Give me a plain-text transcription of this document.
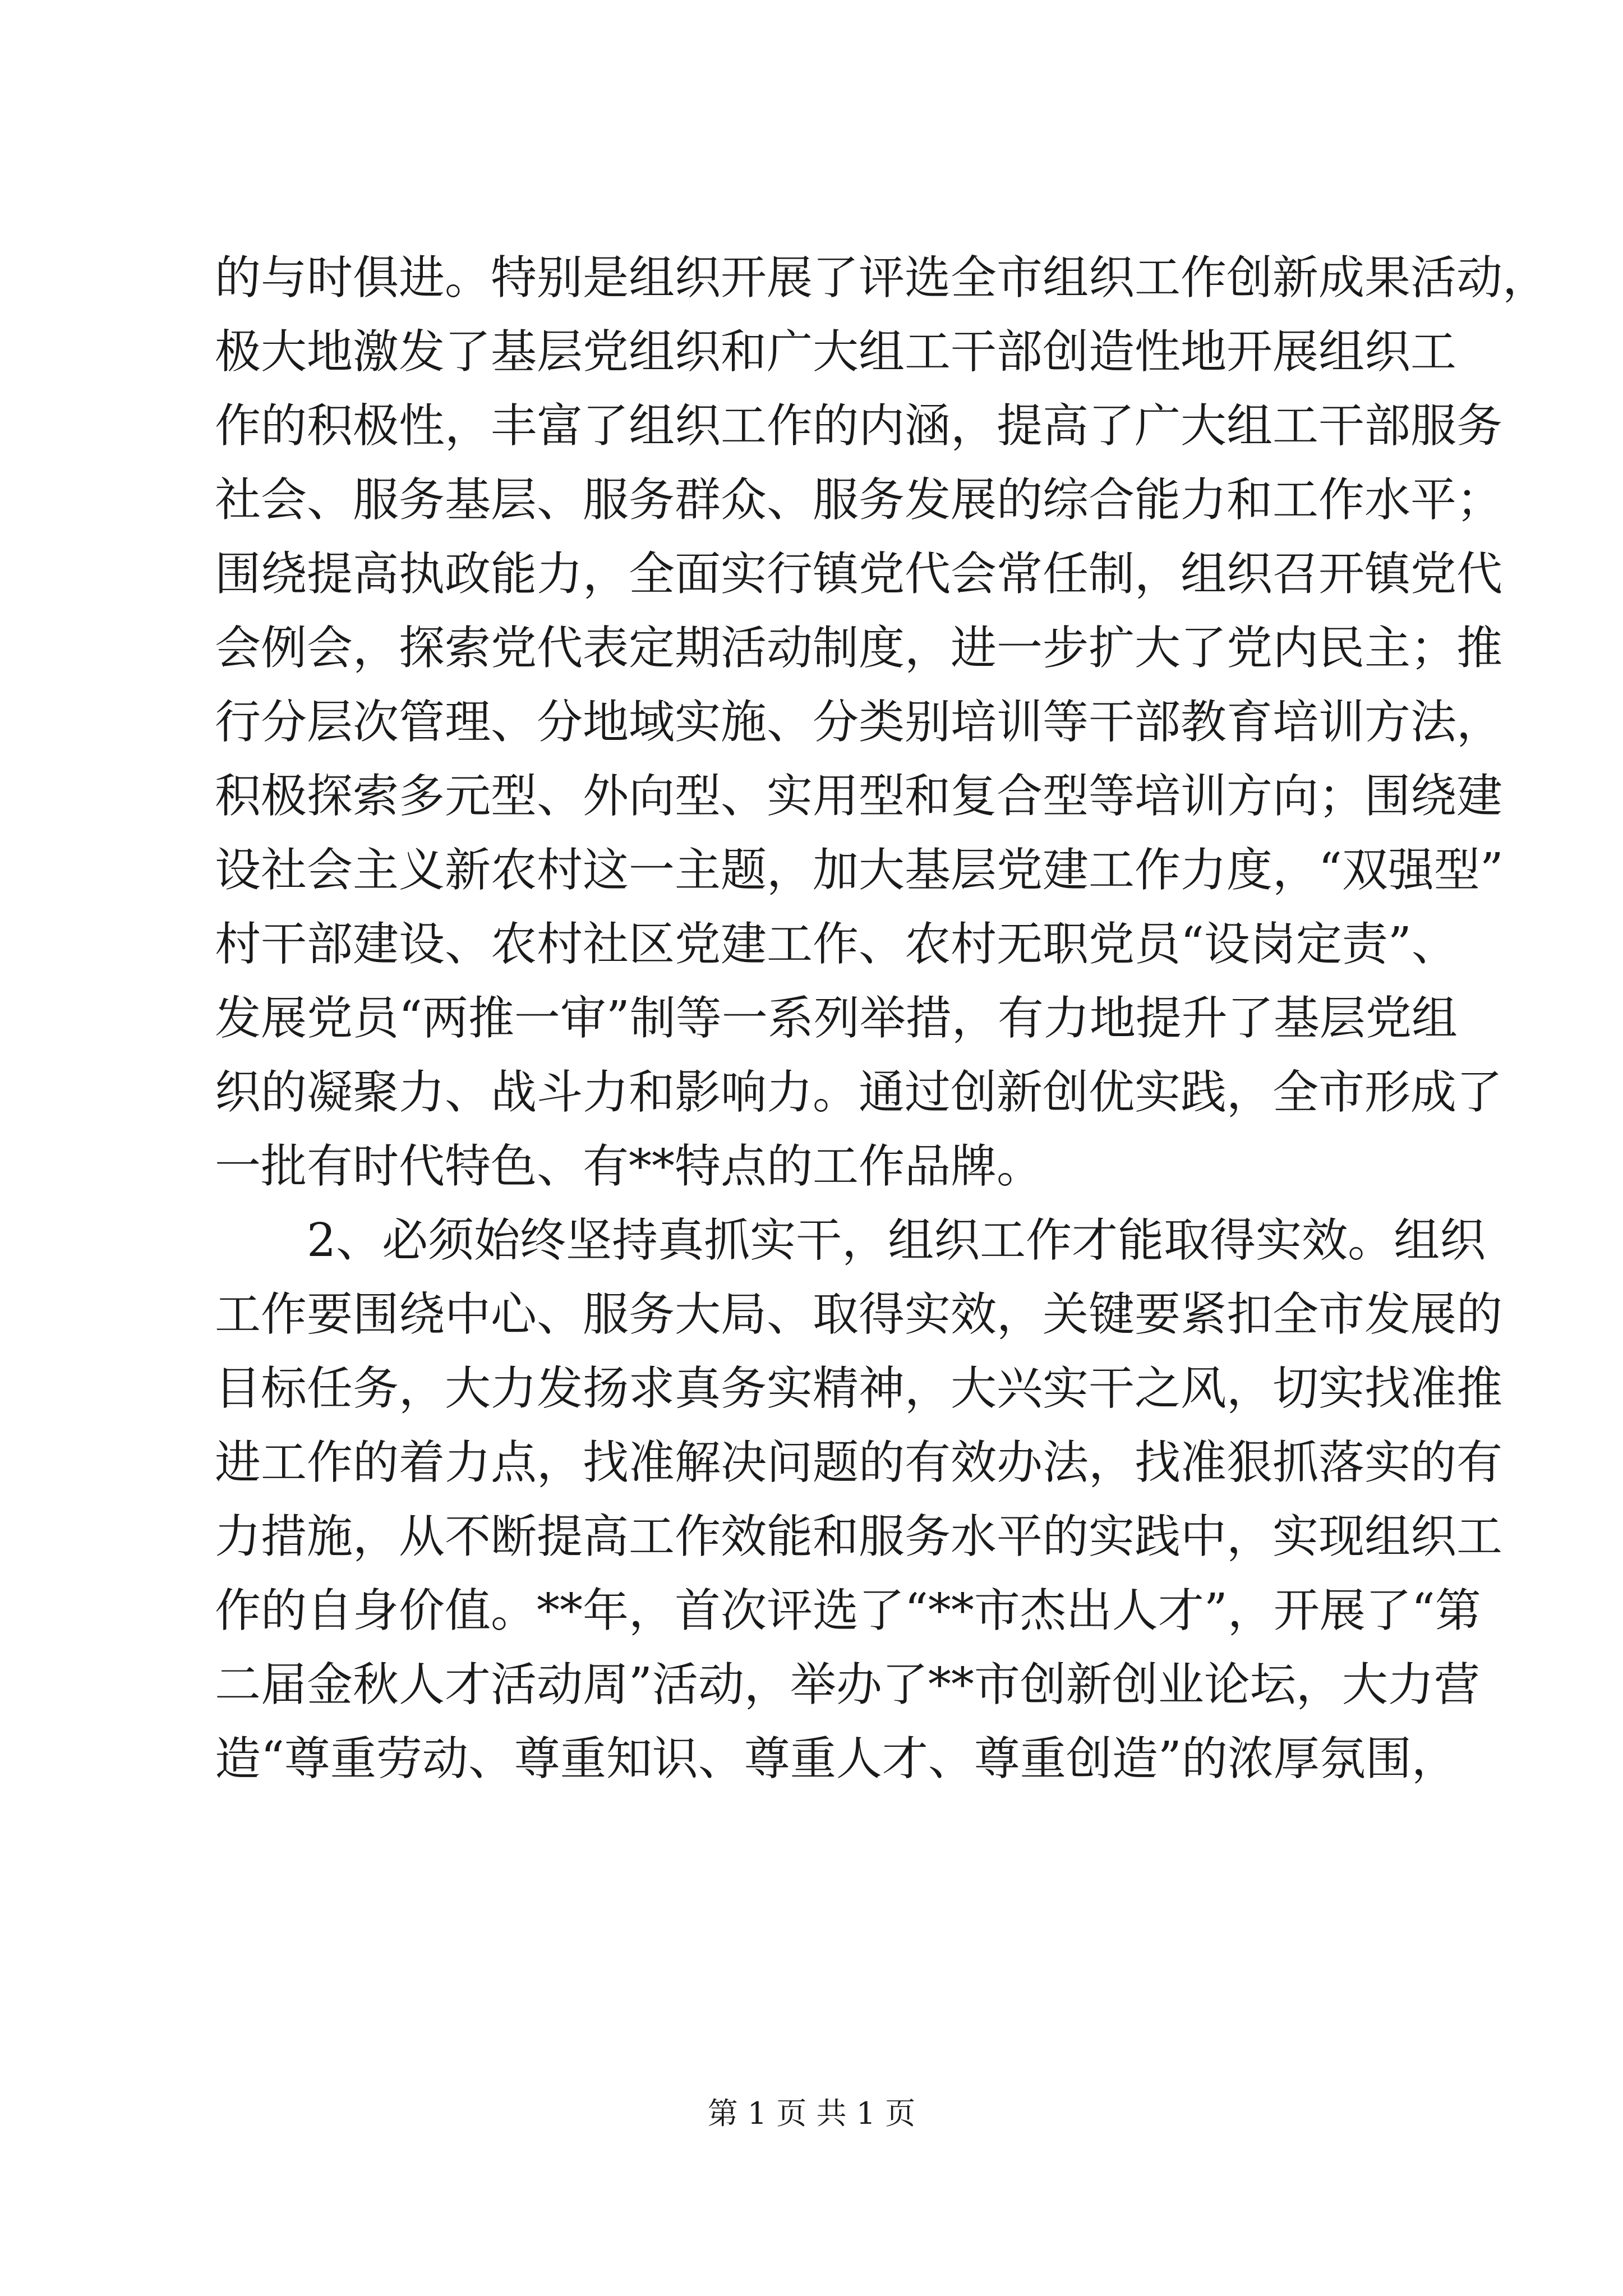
的与时俱进。特别是组织开展了评选全市组织工作创新成果活动，
极大地激发了基层党组织和广大组工干部创造性地开展组织工
作的积极性，丰富了组织工作的内涵，提高了广大组工干部服务
社会、服务基层、服务群众、服务发展的综合能力和工作水平；
围绕提高执政能力，全面实行镇党代会常任制，组织召开镇党代
会例会，探索党代表定期活动制度，进一步扩大了党内民主；推
行分层次管理、分地域实施、分类别培训等干部教育培训方法，
积极探索多元型、外向型、实用型和复合型等培训方向；围绕建
设社会主义新农村这一主题，加大基层党建工作力度，“双强型”
村干部建设、农村社区党建工作、农村无职党员“设岗定责”、
发展党员“两推一审”制等一系列举措，有力地提升了基层党组
织的凝聚力、战斗力和影响力。通过创新创优实践，全市形成了
一批有时代特色、有**特点的工作品牌。
2、必须始终坚持真抓实干，组织工作才能取得实效。组织
工作要围绕中心、服务大局、取得实效，关键要紧扣全市发展的
目标任务，大力发扬求真务实精神，大兴实干之风，切实找准推
进工作的着力点，找准解决问题的有效办法，找准狠抓落实的有
力措施，从不断提高工作效能和服务水平的实践中，实现组织工
作的自身价值。**年，首次评选了“**市杰出人才”，开展了“第
二届金秋人才活动周”活动，举办了**市创新创业论坛，大力营
造“尊重劳动、尊重知识、尊重人才、尊重创造”的浓厚氛围，
第 1 页 共 1 页
